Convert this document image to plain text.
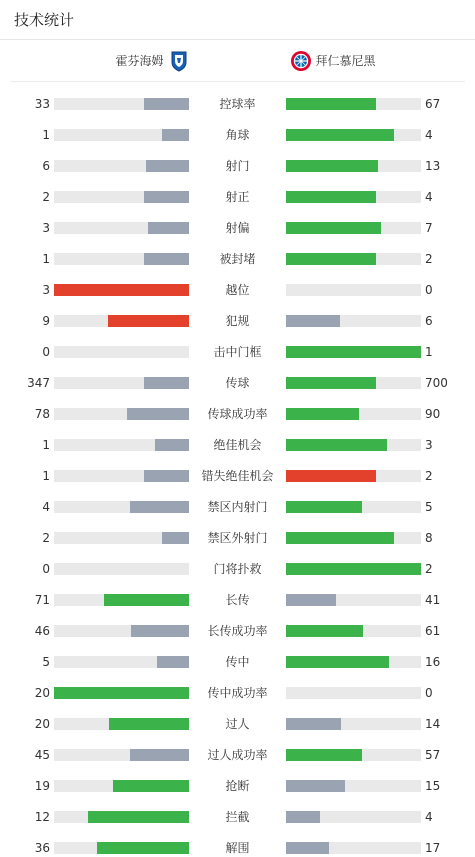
技术统计
霍芬海姆	拜仁慕尼黑
33	控球率	67
1	角球	4
6	射门	13
2	射正	4
3	射偏	7
1	被封堵	2
3	越位	0
9	犯规	6
0	击中门框	1
347	传球	700
78	传球成功率	90
1	绝佳机会	3
1	错失绝佳机会	2
4	禁区内射门	5
2	禁区外射门	8
0	门将扑救	2
71	长传	41
46	长传成功率	61
5	传中	16
20	传中成功率	0
20	过人	14
45	过人成功率	57
19	抢断	15
12	拦截	4
36	解围	17
